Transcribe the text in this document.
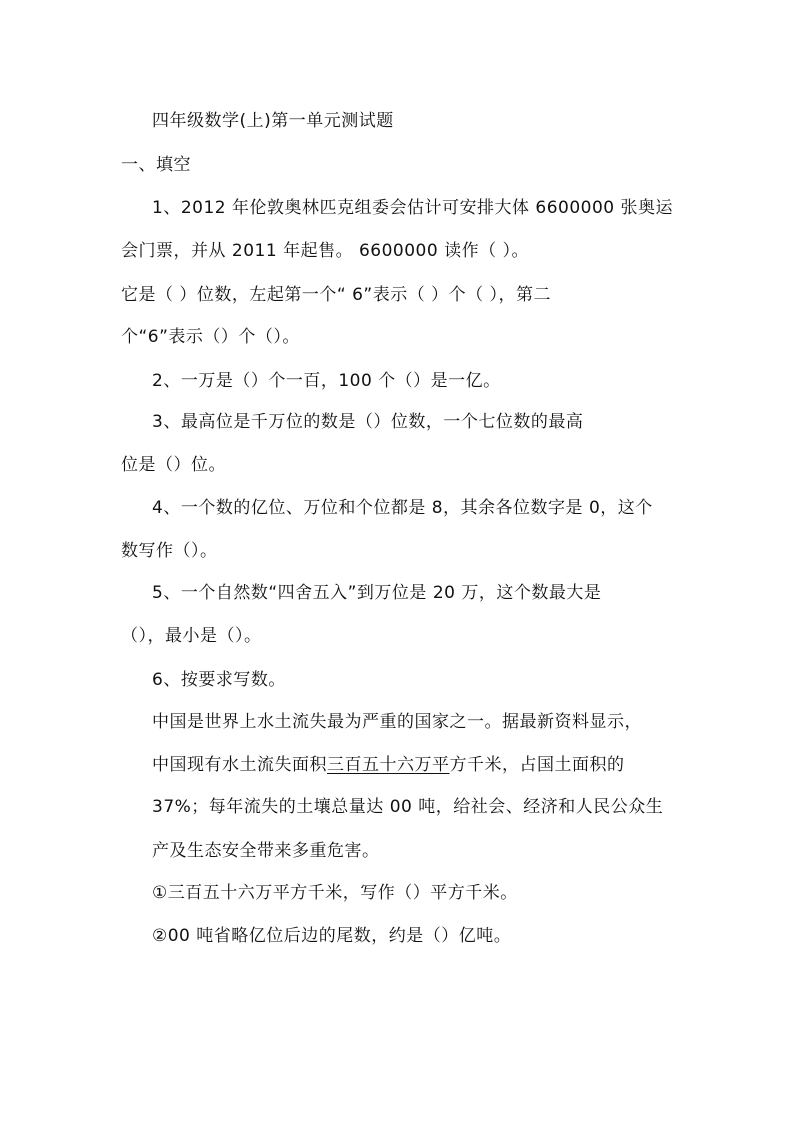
四年级数学(上)第一单元测试题
一、填空
1、2012 年伦敦奥林匹克组委会估计可安排大体 6600000 张奥运
会门票，并从 2011 年起售。 6600000 读作（ ）。
它是（ ）位数，左起第一个“ 6”表示（ ）个（ ），第二
个“6”表示（）个（）。
2、一万是（）个一百，100 个（）是一亿。
3、最高位是千万位的数是（）位数，一个七位数的最高
位是（）位。
4、一个数的亿位、万位和个位都是 8，其余各位数字是 0，这个
数写作（）。
5、一个自然数“四舍五入”到万位是 20 万，这个数最大是
（），最小是（）。
6、按要求写数。
中国是世界上水土流失最为严重的国家之一。据最新资料显示，
中国现有水土流失面积三百五十六万平方千米，占国土面积的
37%；每年流失的土壤总量达 00 吨，给社会、经济和人民公众生
产及生态安全带来多重危害。
①三百五十六万平方千米，写作（）平方千米。
②00 吨省略亿位后边的尾数，约是（）亿吨。
